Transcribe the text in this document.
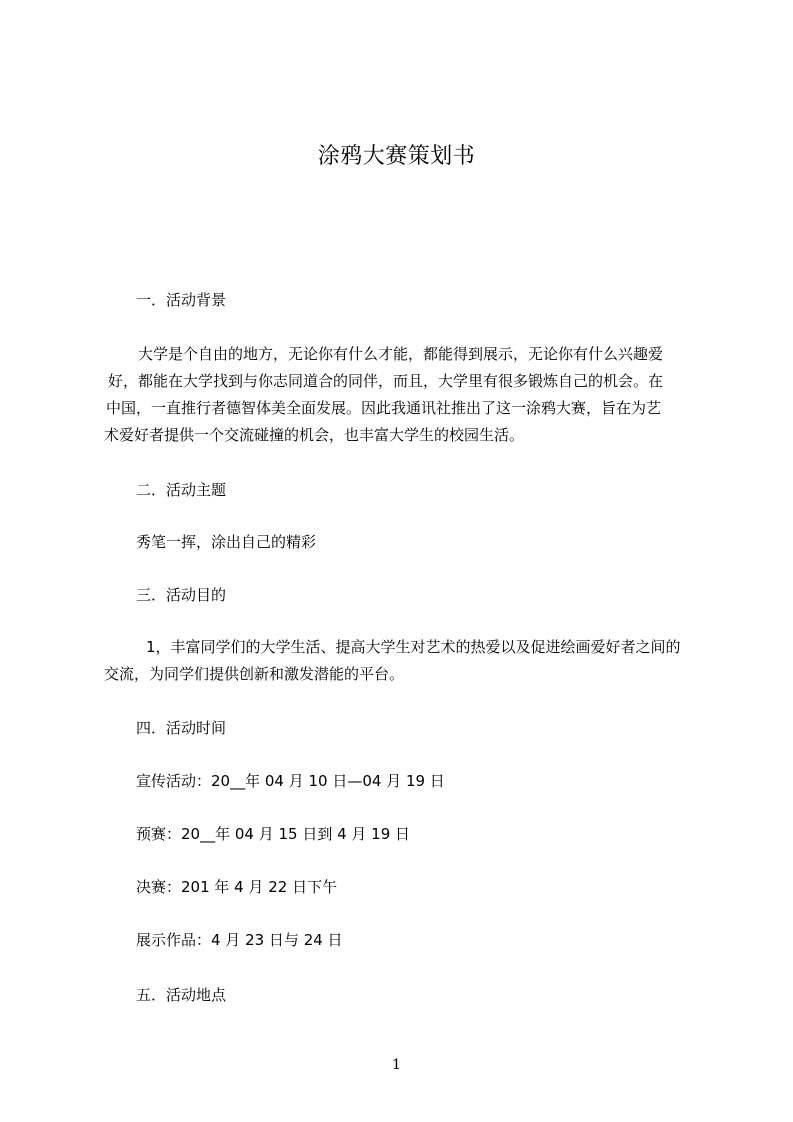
涂鸦大赛策划书
一．活动背景
大学是个自由的地方，无论你有什么才能，都能得到展示，无论你有什么兴趣爱
好，都能在大学找到与你志同道合的同伴，而且，大学里有很多锻炼自己的机会。在
中国，一直推行者德智体美全面发展。因此我通讯社推出了这一涂鸦大赛，旨在为艺
术爱好者提供一个交流碰撞的机会，也丰富大学生的校园生活。
二．活动主题
秀笔一挥，涂出自己的精彩
三．活动目的
1，丰富同学们的大学生活、提高大学生对艺术的热爱以及促进绘画爱好者之间的
交流，为同学们提供创新和激发潜能的平台。
四．活动时间
宣传活动：20__年 04 月 10 日—04 月 19 日
预赛：20__年 04 月 15 日到 4 月 19 日
决赛：201 年 4 月 22 日下午
展示作品：4 月 23 日与 24 日
五．活动地点
1
